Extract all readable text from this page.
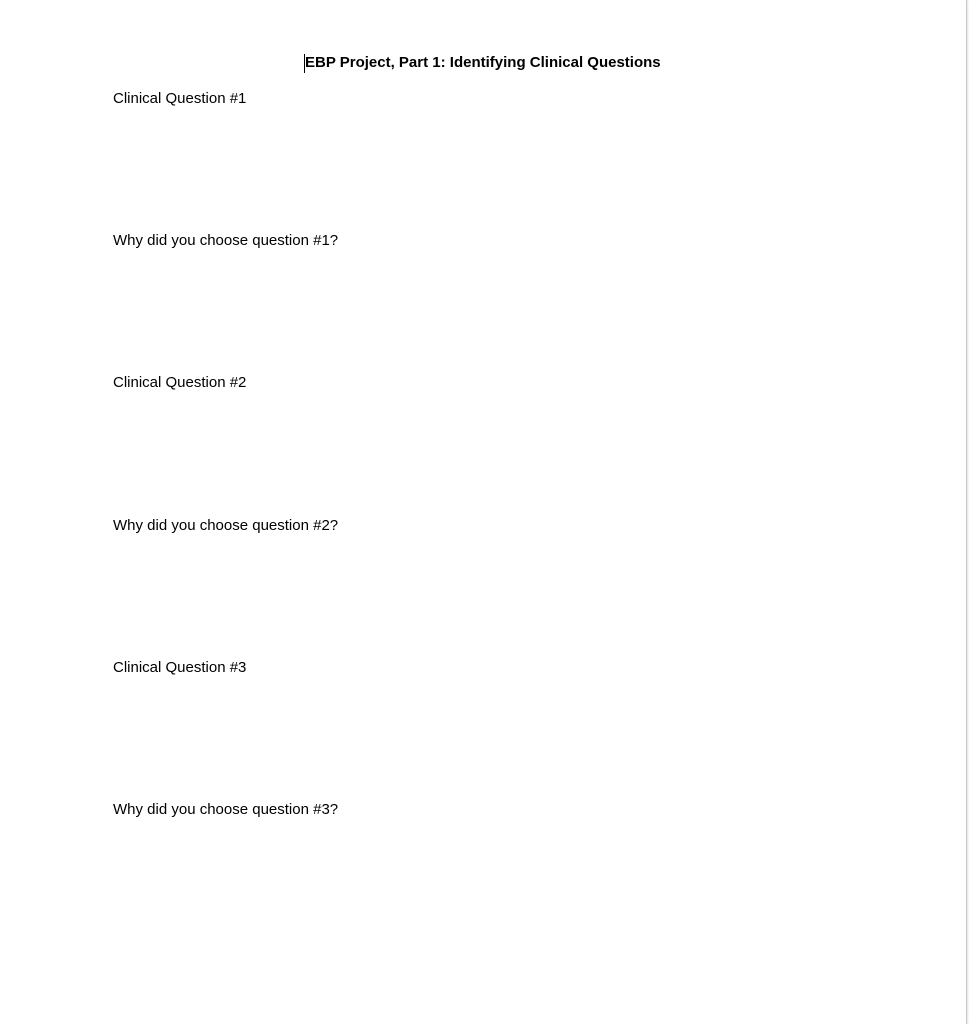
EBP Project, Part 1: Identifying Clinical Questions
Clinical Question #1
Why did you choose question #1?
Clinical Question #2
Why did you choose question #2?
Clinical Question #3
Why did you choose question #3?
